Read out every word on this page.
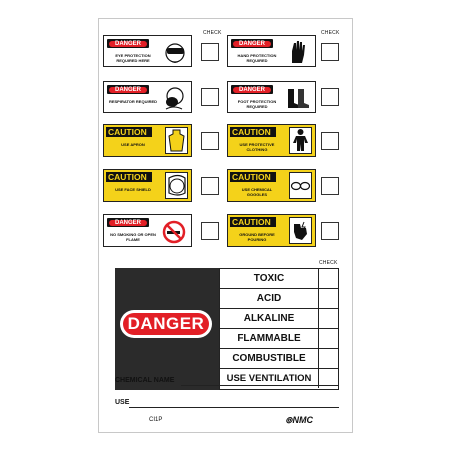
CHECK	CHECK
DANGER
EYE PROTECTION REQUIRED HERE
DANGER
HAND PROTECTION REQUIRED
DANGER
RESPIRATOR REQUIRED
DANGER
FOOT PROTECTION REQUIRED
CAUTION
USE APRON
CAUTION
USE PROTECTIVE CLOTHING
CAUTION
USE FACE SHIELD
CAUTION
USE CHEMICAL GOGGLES
DANGER
NO SMOKING OR OPEN FLAME
CAUTION
GROUND BEFORE POURING
CHECK
DANGER
TOXIC
ACID
ALKALINE
FLAMMABLE
COMBUSTIBLE
USE VENTILATION
CHEMICAL NAME
USE
CI1P	⊚NMC
